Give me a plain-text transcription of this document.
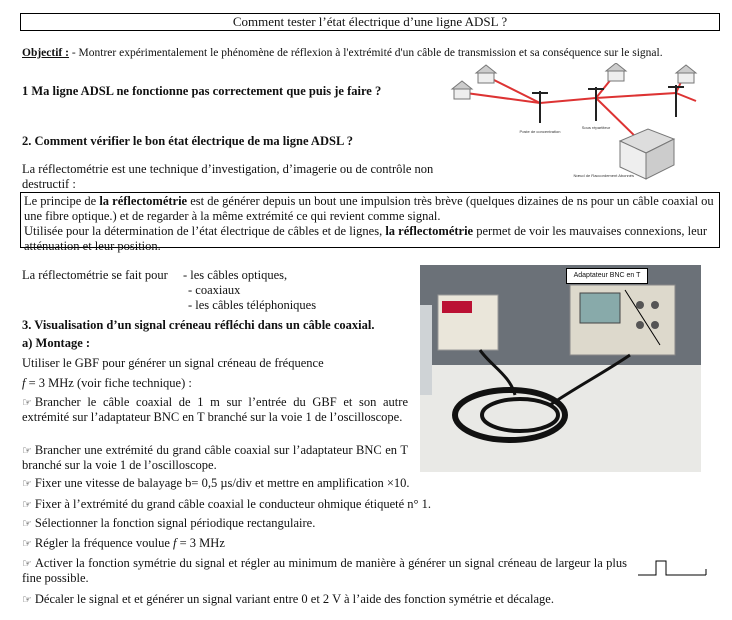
Comment tester l’état électrique d’une ligne ADSL ?
Objectif : - Montrer expérimentalement le phénomène de réflexion à l'extrémité d'un câble de transmission et sa conséquence sur le signal.
1 Ma ligne ADSL ne fonctionne pas correctement que puis je faire ?
Poste de concentration
Sous répartiteur
Nœud de Raccordement Abonnés
2. Comment vérifier le bon état électrique de ma ligne ADSL ?
La réflectométrie est une technique d’investigation, d’imagerie ou de contrôle non
destructif :
Le principe de la réflectométrie est de générer depuis un bout une impulsion très brève (quelques dizaines de ns pour un câble coaxial ou une fibre optique.) et de regarder à la même extrémité ce qui revient comme signal.
Utilisée pour la détermination de l’état électrique de câbles et de lignes, la réflectométrie permet de voir les mauvaises connexions, leur atténuation et leur position.
La réflectométrie se fait pour - les câbles optiques,
- coaxiaux
- les câbles téléphoniques
Adaptateur BNC en T
3. Visualisation d’un signal créneau réfléchi dans un câble coaxial.
a) Montage :
Utiliser le GBF pour générer un signal créneau de fréquence
f = 3 MHz (voir fiche technique) :
☞ Brancher le câble coaxial de 1 m sur l’entrée du GBF et son autre extrémité sur l’adaptateur BNC en T branché sur la voie 1 de l’oscilloscope.
☞ Brancher une extrémité du grand câble coaxial sur l’adaptateur BNC en T branché sur la voie 1 de l’oscilloscope.
☞ Fixer une vitesse de balayage b= 0,5 µs/div et mettre en amplification ×10.
☞ Fixer à l’extrémité du grand câble coaxial le conducteur ohmique étiqueté n° 1.
☞ Sélectionner la fonction signal périodique rectangulaire.
☞ Régler la fréquence voulue f = 3 MHz
☞ Activer la fonction symétrie du signal et régler au minimum de manière à générer un signal créneau de largeur la plus fine possible.
☞ Décaler le signal et et générer un signal variant entre 0 et 2 V à l’aide des fonction symétrie et décalage.
